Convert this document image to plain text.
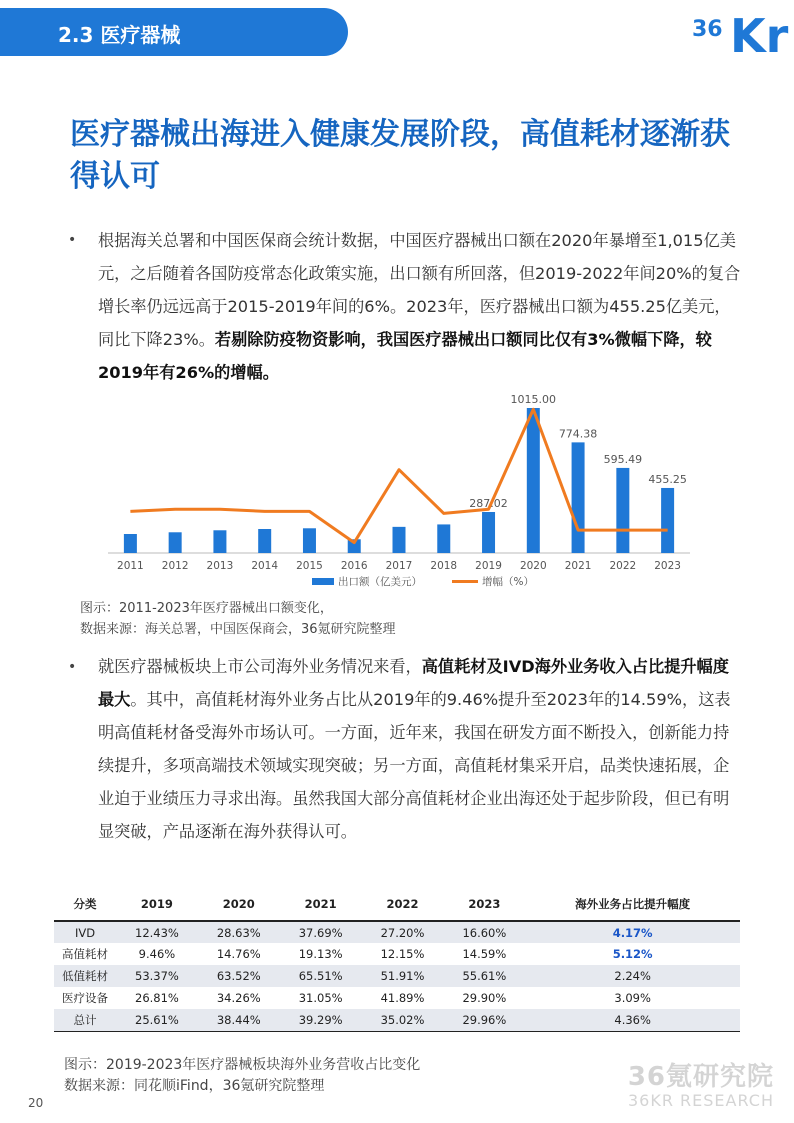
2.3 医疗器械	36 Kr
医疗器械出海进入健康发展阶段，高值耗材逐渐获得认可
• 根据海关总署和中国医保商会统计数据，中国医疗器械出口额在2020年暴增至1,015亿美元，之后随着各国防疫常态化政策实施，出口额有所回落，但2019-2022年间20%的复合增长率仍远远高于2015-2019年间的6%。2023年，医疗器械出口额为455.25亿美元，同比下降23%。若剔除防疫物资影响，我国医疗器械出口额同比仅有3%微幅下降，较2019年有26%的增幅。
287.02
1015.00
774.38
595.49
455.25
2011 2012 2013 2014 2015 2016 2017 2018 2019 2020 2021 2022 2023
出口额（亿美元）	增幅（%）
图示：2011-2023年医疗器械出口额变化，
数据来源：海关总署，中国医保商会，36氪研究院整理
• 就医疗器械板块上市公司海外业务情况来看，高值耗材及IVD海外业务收入占比提升幅度最大。其中，高值耗材海外业务占比从2019年的9.46%提升至2023年的14.59%，这表明高值耗材备受海外市场认可。一方面，近年来，我国在研发方面不断投入，创新能力持续提升，多项高端技术领域实现突破；另一方面，高值耗材集采开启，品类快速拓展，企业迫于业绩压力寻求出海。虽然我国大部分高值耗材企业出海还处于起步阶段，但已有明显突破，产品逐渐在海外获得认可。
分类	2019	2020	2021	2022	2023	海外业务占比提升幅度
IVD	12.43%	28.63%	37.69%	27.20%	16.60%	4.17%
高值耗材	9.46%	14.76%	19.13%	12.15%	14.59%	5.12%
低值耗材	53.37%	63.52%	65.51%	51.91%	55.61%	2.24%
医疗设备	26.81%	34.26%	31.05%	41.89%	29.90%	3.09%
总计	25.61%	38.44%	39.29%	35.02%	29.96%	4.36%
图示：2019-2023年医疗器械板块海外业务营收占比变化
数据来源：同花顺iFind，36氪研究院整理	36氪研究院
36KR RESEARCH
20
